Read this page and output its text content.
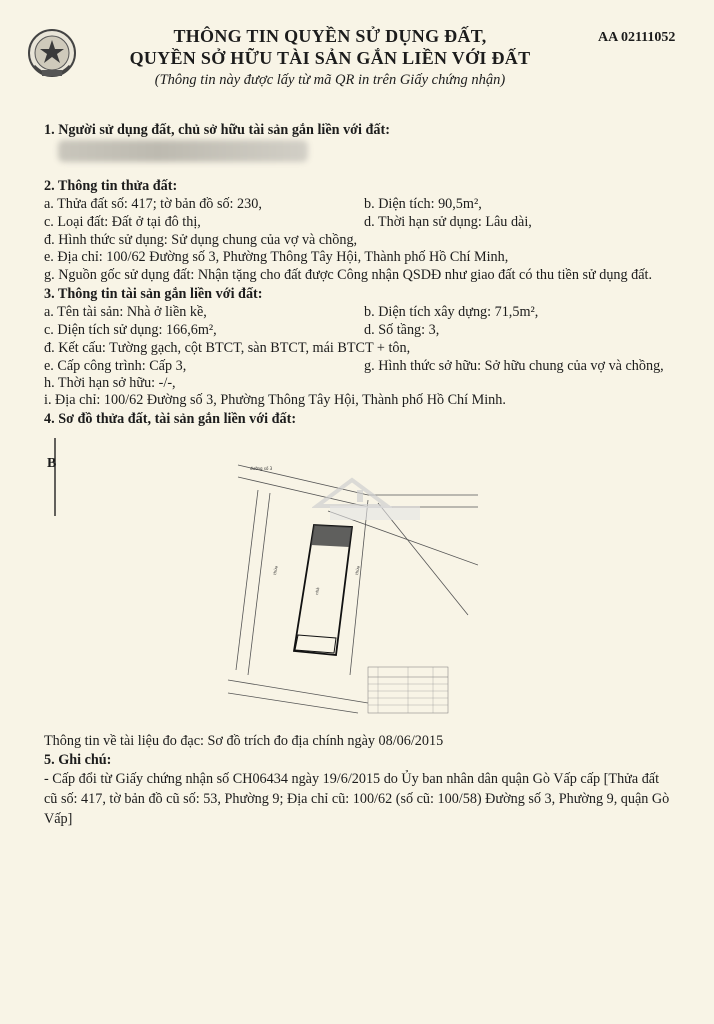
THÔNG TIN QUYỀN SỬ DỤNG ĐẤT,
QUYỀN SỞ HỮU TÀI SẢN GẮN LIỀN VỚI ĐẤT
(Thông tin này được lấy từ mã QR in trên Giấy chứng nhận)
AA 02111052
1. Người sử dụng đất, chủ sở hữu tài sản gắn liền với đất:
2. Thông tin thửa đất:
a. Thửa đất số: 417; tờ bản đồ số: 230,	b. Diện tích: 90,5m²,
c. Loại đất: Đất ở tại đô thị,	d. Thời hạn sử dụng: Lâu dài,
đ. Hình thức sử dụng: Sử dụng chung của vợ và chồng,
e. Địa chỉ: 100/62 Đường số 3, Phường Thông Tây Hội, Thành phố Hồ Chí Minh,
g. Nguồn gốc sử dụng đất: Nhận tặng cho đất được Công nhận QSDĐ như giao đất có thu tiền sử dụng đất.
3. Thông tin tài sản gắn liền với đất:
a. Tên tài sản: Nhà ở liền kề,	b. Diện tích xây dựng: 71,5m²,
c. Diện tích sử dụng: 166,6m²,	d. Số tầng: 3,
đ. Kết cấu: Tường gạch, cột BTCT, sàn BTCT, mái BTCT + tôn,
e. Cấp công trình: Cấp 3,	g. Hình thức sở hữu: Sở hữu chung của vợ và chồng,
h. Thời hạn sở hữu: -/-,
i. Địa chỉ: 100/62 Đường số 3, Phường Thông Tây Hội, Thành phố Hồ Chí Minh.
4. Sơ đồ thửa đất, tài sản gắn liền với đất:
B	đường số 3
nhà
thửa	thửa
Thông tin về tài liệu đo đạc: Sơ đồ trích đo địa chính ngày 08/06/2015
5. Ghi chú:
- Cấp đổi từ Giấy chứng nhận số CH06434 ngày 19/6/2015 do Ủy ban nhân dân quận Gò Vấp cấp [Thửa đất cũ số: 417, tờ bản đồ cũ số: 53, Phường 9; Địa chỉ cũ: 100/62 (số cũ: 100/58) Đường số 3, Phường 9, quận Gò Vấp]
